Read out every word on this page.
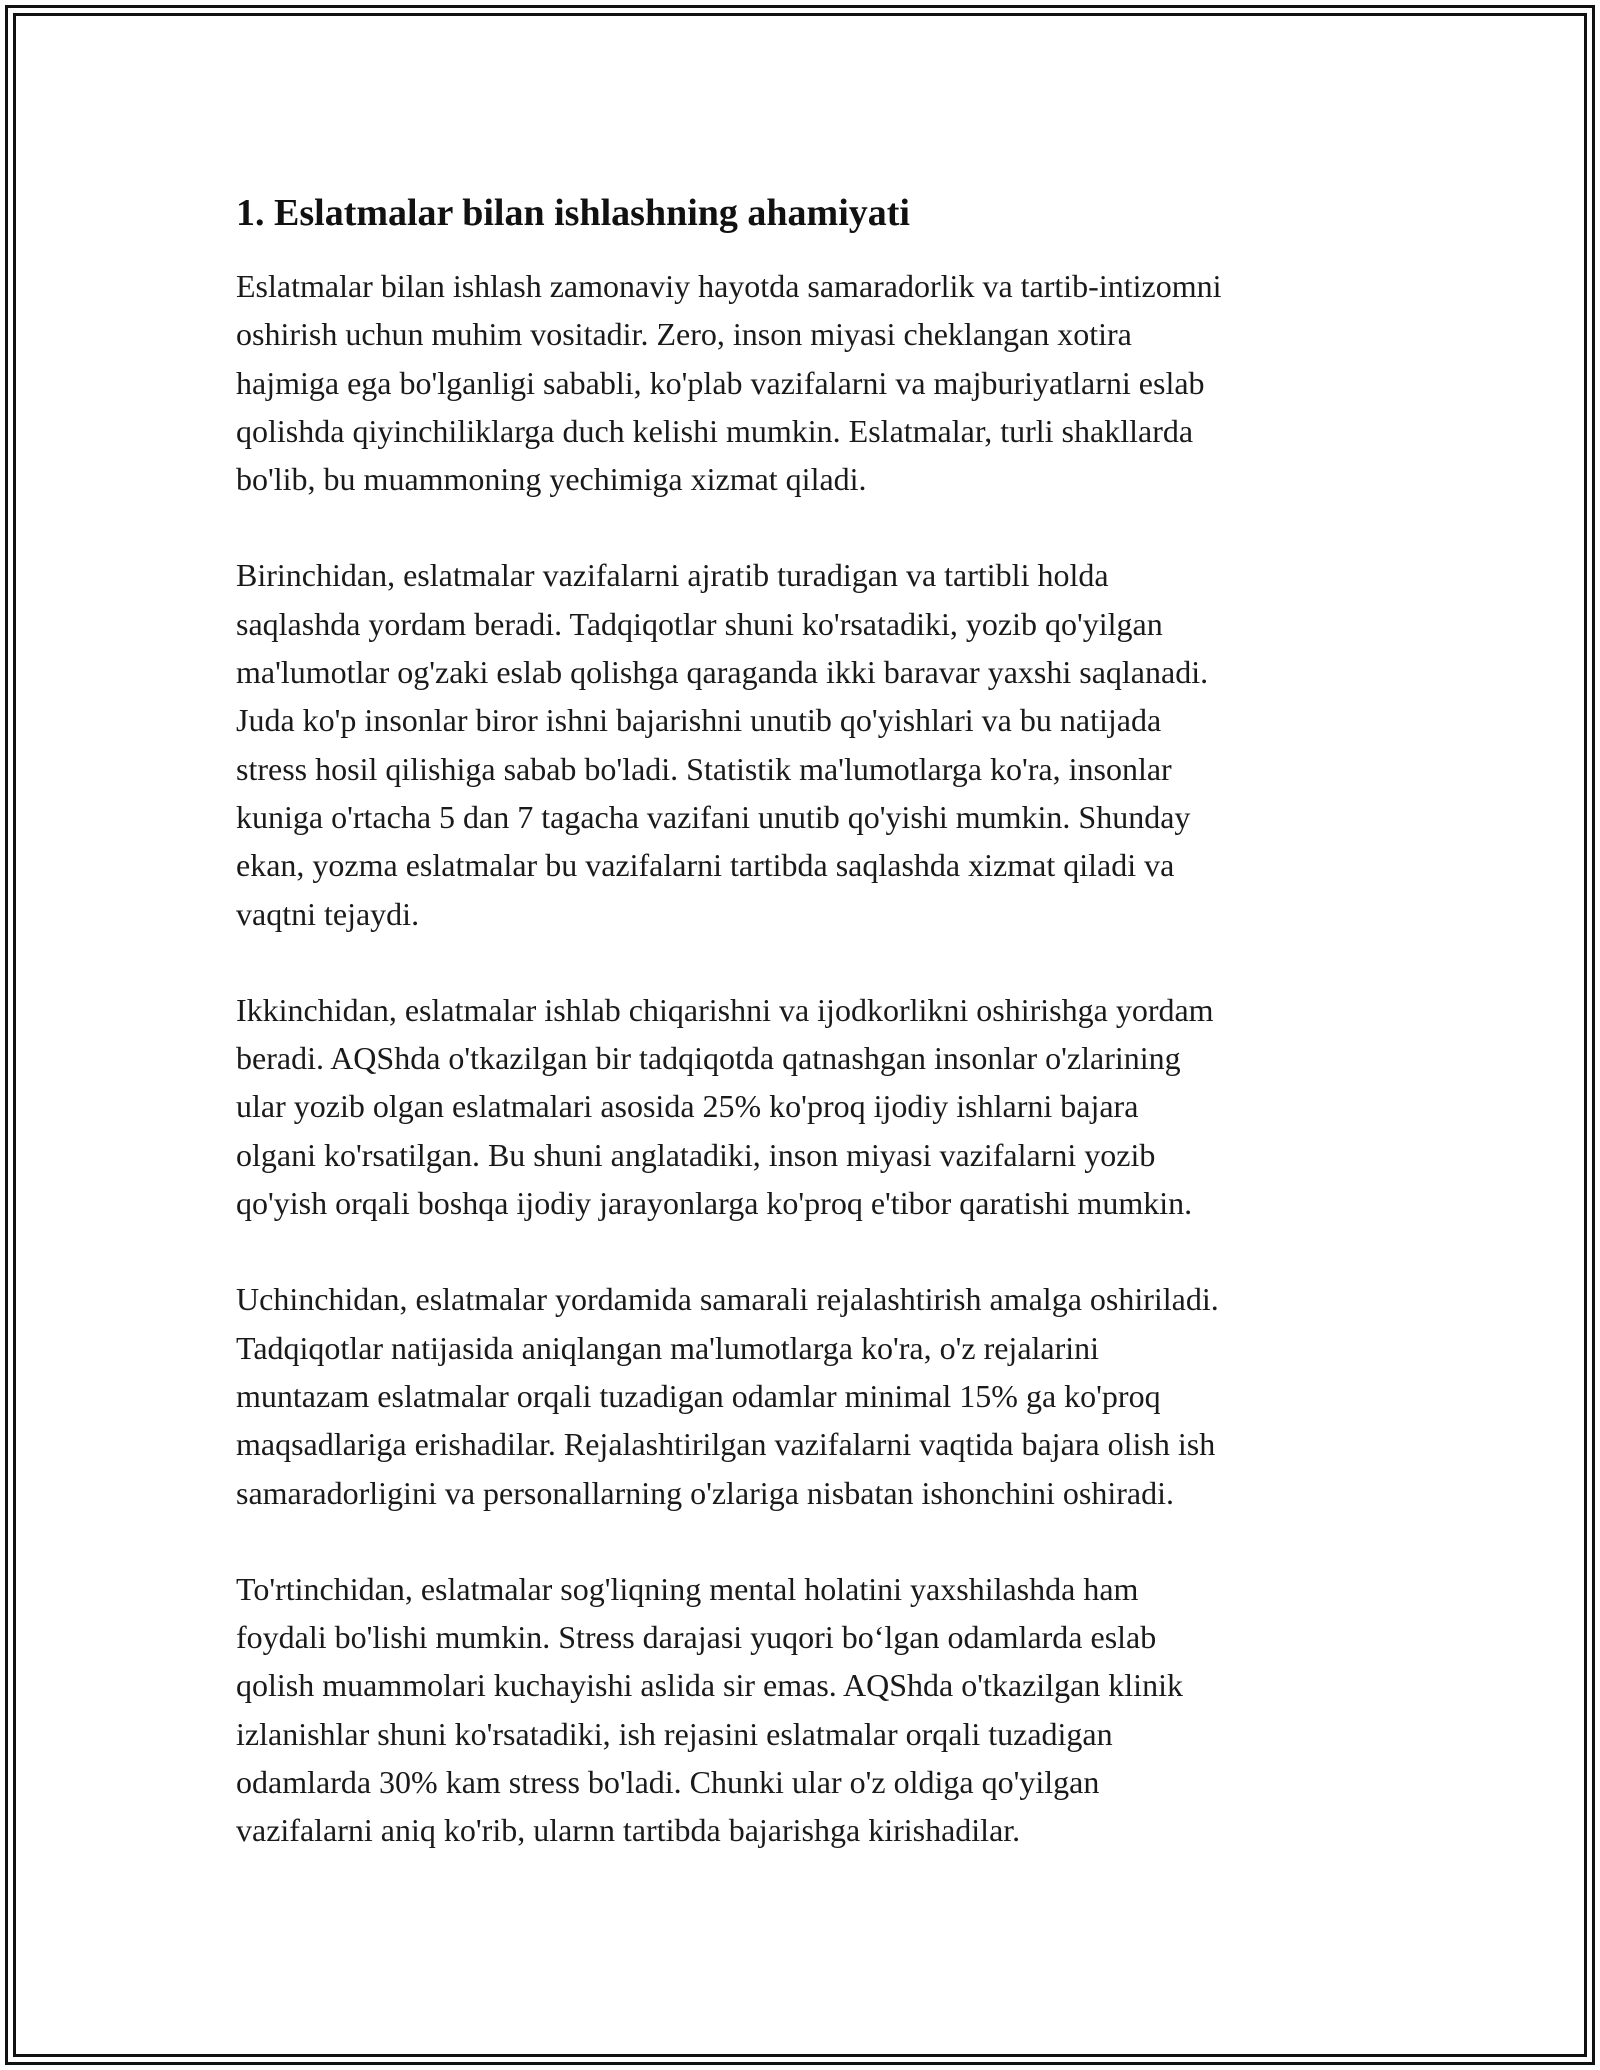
1. Eslatmalar bilan ishlashning ahamiyati

Eslatmalar bilan ishlash zamonaviy hayotda samaradorlik va tartib-intizomni
oshirish uchun muhim vositadir. Zero, inson miyasi cheklangan xotira
hajmiga ega bo'lganligi sababli, ko'plab vazifalarni va majburiyatlarni eslab
qolishda qiyinchiliklarga duch kelishi mumkin. Eslatmalar, turli shakllarda
bo'lib, bu muammoning yechimiga xizmat qiladi.

Birinchidan, eslatmalar vazifalarni ajratib turadigan va tartibli holda
saqlashda yordam beradi. Tadqiqotlar shuni ko'rsatadiki, yozib qo'yilgan
ma'lumotlar og'zaki eslab qolishga qaraganda ikki baravar yaxshi saqlanadi.
Juda ko'p insonlar biror ishni bajarishni unutib qo'yishlari va bu natijada
stress hosil qilishiga sabab bo'ladi. Statistik ma'lumotlarga ko'ra, insonlar
kuniga o'rtacha 5 dan 7 tagacha vazifani unutib qo'yishi mumkin. Shunday
ekan, yozma eslatmalar bu vazifalarni tartibda saqlashda xizmat qiladi va
vaqtni tejaydi.

Ikkinchidan, eslatmalar ishlab chiqarishni va ijodkorlikni oshirishga yordam
beradi. AQShda o'tkazilgan bir tadqiqotda qatnashgan insonlar o'zlarining
ular yozib olgan eslatmalari asosida 25% ko'proq ijodiy ishlarni bajara
olgani ko'rsatilgan. Bu shuni anglatadiki, inson miyasi vazifalarni yozib
qo'yish orqali boshqa ijodiy jarayonlarga ko'proq e'tibor qaratishi mumkin.

Uchinchidan, eslatmalar yordamida samarali rejalashtirish amalga oshiriladi.
Tadqiqotlar natijasida aniqlangan ma'lumotlarga ko'ra, o'z rejalarini
muntazam eslatmalar orqali tuzadigan odamlar minimal 15% ga ko'proq
maqsadlariga erishadilar. Rejalashtirilgan vazifalarni vaqtida bajara olish ish
samaradorligini va personallarning o'zlariga nisbatan ishonchini oshiradi.

To'rtinchidan, eslatmalar sog'liqning mental holatini yaxshilashda ham
foydali bo'lishi mumkin. Stress darajasi yuqori bo‘lgan odamlarda eslab
qolish muammolari kuchayishi aslida sir emas. AQShda o'tkazilgan klinik
izlanishlar shuni ko'rsatadiki, ish rejasini eslatmalar orqali tuzadigan
odamlarda 30% kam stress bo'ladi. Chunki ular o'z oldiga qo'yilgan
vazifalarni aniq ko'rib, ularnn tartibda bajarishga kirishadilar.
